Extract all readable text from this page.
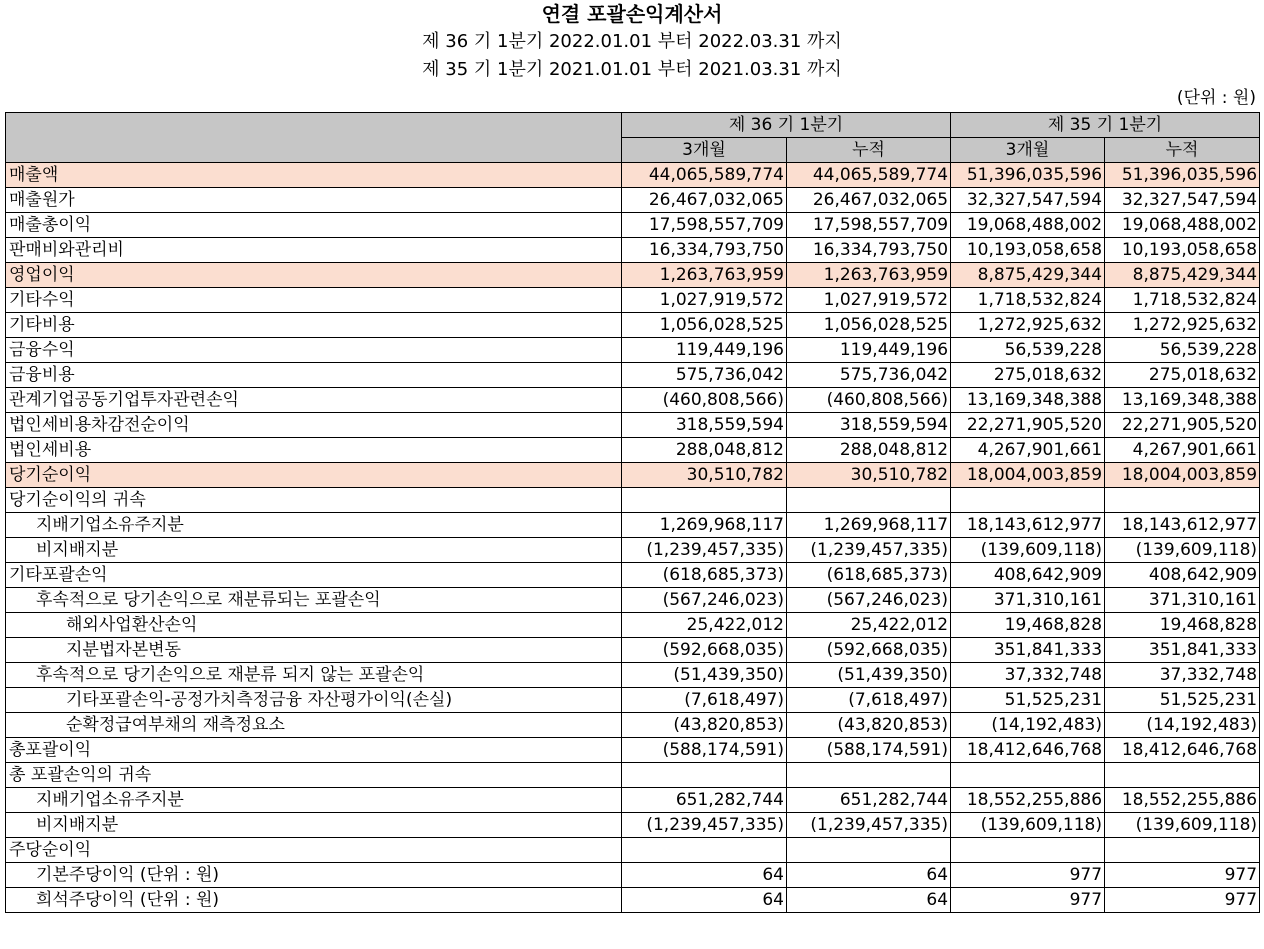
연결 포괄손익계산서
제 36 기 1분기 2022.01.01 부터 2022.03.31 까지
제 35 기 1분기 2021.01.01 부터 2021.03.31 까지
(단위 : 원)
	제 36 기 1분기		제 35 기 1분기	
	3개월	누적	3개월	누적
매출액	44,065,589,774	44,065,589,774	51,396,035,596	51,396,035,596
매출원가	26,467,032,065	26,467,032,065	32,327,547,594	32,327,547,594
매출총이익	17,598,557,709	17,598,557,709	19,068,488,002	19,068,488,002
판매비와관리비	16,334,793,750	16,334,793,750	10,193,058,658	10,193,058,658
영업이익	1,263,763,959	1,263,763,959	8,875,429,344	8,875,429,344
기타수익	1,027,919,572	1,027,919,572	1,718,532,824	1,718,532,824
기타비용	1,056,028,525	1,056,028,525	1,272,925,632	1,272,925,632
금융수익	119,449,196	119,449,196	56,539,228	56,539,228
금융비용	575,736,042	575,736,042	275,018,632	275,018,632
관계기업공동기업투자관련손익	(460,808,566)	(460,808,566)	13,169,348,388	13,169,348,388
법인세비용차감전순이익	318,559,594	318,559,594	22,271,905,520	22,271,905,520
법인세비용	288,048,812	288,048,812	4,267,901,661	4,267,901,661
당기순이익	30,510,782	30,510,782	18,004,003,859	18,004,003,859
당기순이익의 귀속				
지배기업소유주지분	1,269,968,117	1,269,968,117	18,143,612,977	18,143,612,977
비지배지분	(1,239,457,335)	(1,239,457,335)	(139,609,118)	(139,609,118)
기타포괄손익	(618,685,373)	(618,685,373)	408,642,909	408,642,909
후속적으로 당기손익으로 재분류되는 포괄손익	(567,246,023)	(567,246,023)	371,310,161	371,310,161
해외사업환산손익	25,422,012	25,422,012	19,468,828	19,468,828
지분법자본변동	(592,668,035)	(592,668,035)	351,841,333	351,841,333
후속적으로 당기손익으로 재분류 되지 않는 포괄손익	(51,439,350)	(51,439,350)	37,332,748	37,332,748
기타포괄손익-공정가치측정금융 자산평가이익(손실)	(7,618,497)	(7,618,497)	51,525,231	51,525,231
순확정급여부채의 재측정요소	(43,820,853)	(43,820,853)	(14,192,483)	(14,192,483)
총포괄이익	(588,174,591)	(588,174,591)	18,412,646,768	18,412,646,768
총 포괄손익의 귀속				
지배기업소유주지분	651,282,744	651,282,744	18,552,255,886	18,552,255,886
비지배지분	(1,239,457,335)	(1,239,457,335)	(139,609,118)	(139,609,118)
주당순이익				
기본주당이익 (단위 : 원)	64	64	977	977
희석주당이익 (단위 : 원)	64	64	977	977
